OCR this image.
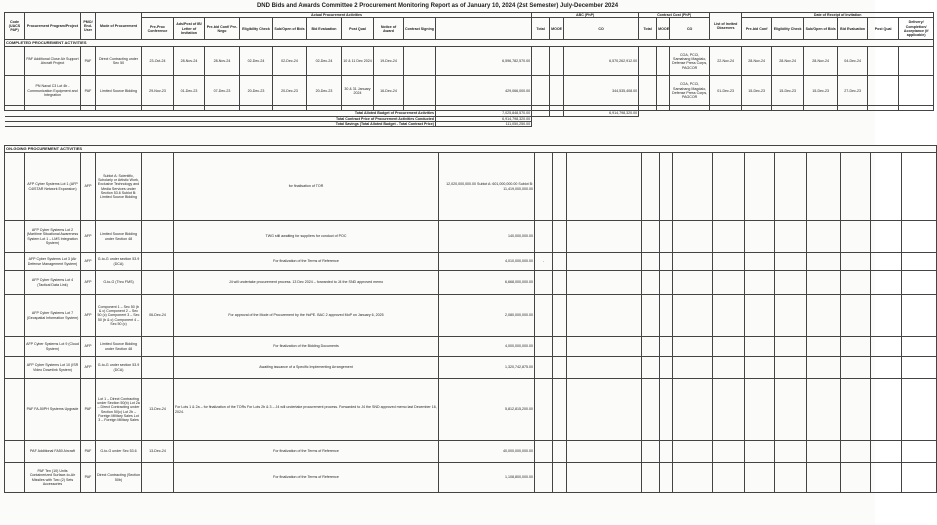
DND Bids and Awards Committee 2 Procurement Monitoring Report as of January 10, 2024 (2st Semester) July-December 2024
Code (UACS PAP)	Procurement Program/Project	PMO/ End-User	Mode of Procurement	Actual Procurement Activities										ABC (PhP)			Contract Cost (PhP)			List of Invited Observers	Date of Receipt of Invitation	
				Pre-Proc Conference	Ads/Post of IB/ Letter of Invitation	Pre-bid Conf/ Pre-Nego	Eligibility Check	Sub/Open of Bids	Bid Evaluation	Post Qual	Notice of Award	Contract Signing		Total	MOOE	CO	Total	MOOE	CO		Pre-bid Conf	Eligibility Check	Sub/Open of Bids	Bid Evaluation	Post Qual	Delivery/ Completion/ Acceptance (if applicable)	
COMPLETED PROCUREMENT ACTIVITIES																											
	PAF Additional Close Air Support Aircraft Project	PAF	Direct Contracting under Sec 50	23-Oct-24	28-Nov-24	28-Nov-24	02-Dec-24	02-Dec-24	02-Dec-24	10 & 11 Dec 2024	19-Dec-24		6,596,782,570.00			6,570,262,912.00			COA, PCCI, Samahang Magdalo, Defense Press Corps, PAGCOR	22-Nov-24	28-Nov-24	28-Nov-24	28-Nov-24	04-Dec-24			
	PN Naval C3 Lot 4b - Communication Equipment and Integration	PAF	Limited Source Bidding	29-Nov-23	01-Dec-23	07-Dec-23	20-Dec-23	20-Dec-23	20-Dec-23	30 & 31 January 2024	16-Dec-24		429,066,000.00			344,535,408.00			COA, PCCI, Samahang Magdalo, Defense Press Corps, PAGCOR	01-Dec-23	15-Dec-23	15-Dec-23	15-Dec-23	27-Dec-23			

Total Alloted Budget of Procurement Activities													7,025,848,570.00			6,914,798,320.00											
Total Contract Price of Procurement Activities Conducted													6,914,798,320.00														
Total Savings (Total Alloted Budget - Total Contract Price)													111,050,250.00														
ON-GOING PROCUREMENT ACTIVITIES																			
	AFP Cyber Systems Lot 1 (AFP C4ISTAR Network Expansion)	AFP	Sublot A: Scientific, Scholarly or Artistic Work, Exclusive Technology and Media Services under Section 53.6 Sublot B: Limited Source Bidding		for finalisation of TOR	12,020,000,000.00 Sublot A: 601,000,000.00 Sublot B: 11,419,000,000.00													
	AFP Cyber Systems Lot 2 (Maritime Situational Awareness System Lot 1 – LMS Integration System)	AFP	Limited Source Bidding under Section 48		TWG still awaiting for suppliers for conduct of POC	140,000,000.00													
	AFP Cyber Systems Lot 3 (Air Defense Management System)	AFP	G-to-G under section 53.9 (DCA)		For finalization of the Terms of Reference	4,010,000,000.00	-												
	AFP Cyber Systems Lot 4 (Tactical Data Link)	AFP	G-to-G (Thru FMS)		J4 will undertake procurement process. 13 Dec 2024 – forwarded to J4 the SND approved memo	6,668,000,000.00													
	AFP Cyber Systems Lot 7 (Geospatial Information System)	AFP	Component 1 – Sec 50 (b & c) Component 2 – Sec 50 (c) Component 3 – Sec 50 (b & c) Component 4 – Sec 50 (c)	06-Dec-24	For approval of the Mode of Procurement by the HoPE. BAC 2 approved MoP on January 6, 2025	2,080,000,000.00													
	AFP Cyber Systems Lot 9 (Cloud System)	AFP	Limited Source Bidding under Section 48		For finalization of the Bidding Documents	4,000,000,000.00													
	AFP Cyber Systems Lot 10 (ISR Video Downlink System)	AFP	G-to-G under section 53.9 (DCA)		Awaiting issuance of a Specific Implementing Arrangement	1,320,742,875.00													
	PAF FA-50PH Systems Upgrade	PAF	Lot 1 – Direct Contracting under Section 50(b) Lot 2a – Direct Contracting under Section 50(c) Lot 2b – Foreign Military Sales Lot 3 – Foreign Military Sales	13-Dec-24	For Lots 1 & 2a – for finalization of the TORs For Lots 2b & 3 – J4 will undertake procurement process. Forwarded to J4 the SND approved memo last December 16, 2024.	5,812,815,200.00													
	PAF Additional FA50 Aircraft	PAF	G-to-G under Sec 53.6	13-Dec-24	For finalization of the Terms of Reference	40,000,000,000.00													
	PAF Ten (10) Units Containerized Surface-to-Air Missiles with Two (2) Sets Accessories	PAF	Direct Contracting (Section 50b)		For finalization of the Terms of Reference	1,108,800,000.00													
